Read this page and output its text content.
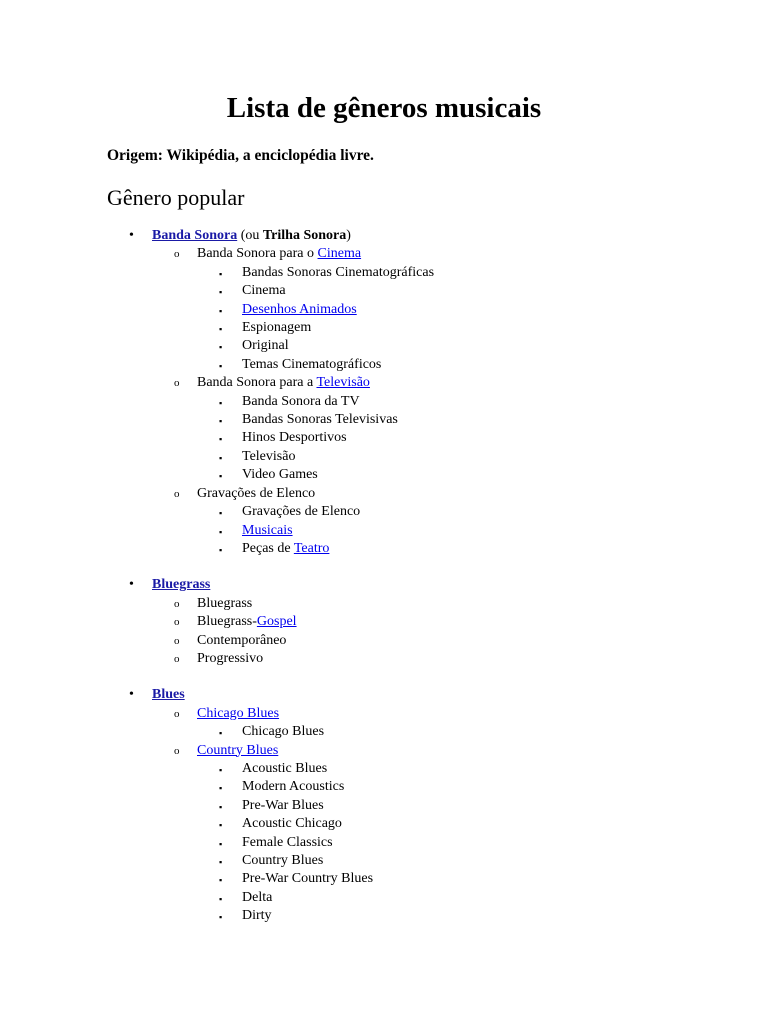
Lista de gêneros musicais
Origem: Wikipédia, a enciclopédia livre.
Gênero popular
• Banda Sonora (ou Trilha Sonora)
o Banda Sonora para o Cinema
▪ Bandas Sonoras Cinematográficas
▪ Cinema
▪ Desenhos Animados
▪ Espionagem
▪ Original
▪ Temas Cinematográficos
o Banda Sonora para a Televisão
▪ Banda Sonora da TV
▪ Bandas Sonoras Televisivas
▪ Hinos Desportivos
▪ Televisão
▪ Video Games
o Gravações de Elenco
▪ Gravações de Elenco
▪ Musicais
▪ Peças de Teatro
• Bluegrass
o Bluegrass
o Bluegrass-Gospel
o Contemporâneo
o Progressivo
• Blues
o Chicago Blues
▪ Chicago Blues
o Country Blues
▪ Acoustic Blues
▪ Modern Acoustics
▪ Pre-War Blues
▪ Acoustic Chicago
▪ Female Classics
▪ Country Blues
▪ Pre-War Country Blues
▪ Delta
▪ Dirty
